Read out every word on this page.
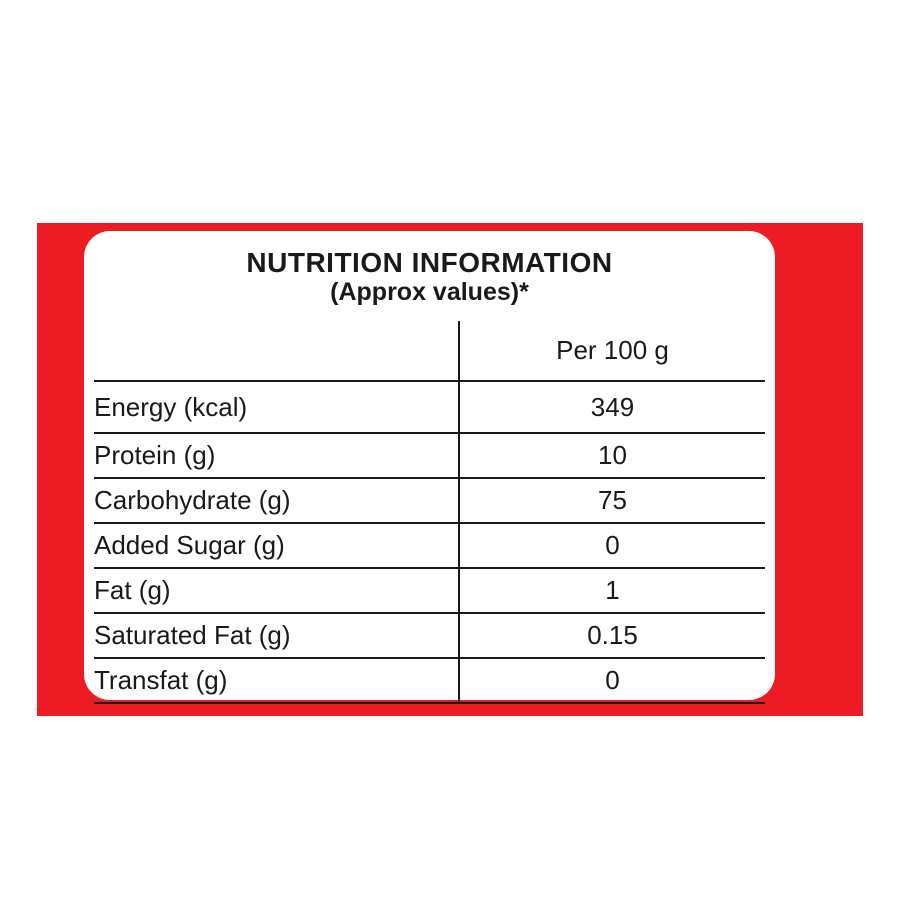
NUTRITION INFORMATION
(Approx values)*
	Per 100 g
Energy (kcal)	349
Protein (g)	10
Carbohydrate (g)	75
Added Sugar (g)	0
Fat (g)	1
Saturated Fat (g)	0.15
Transfat (g)	0
